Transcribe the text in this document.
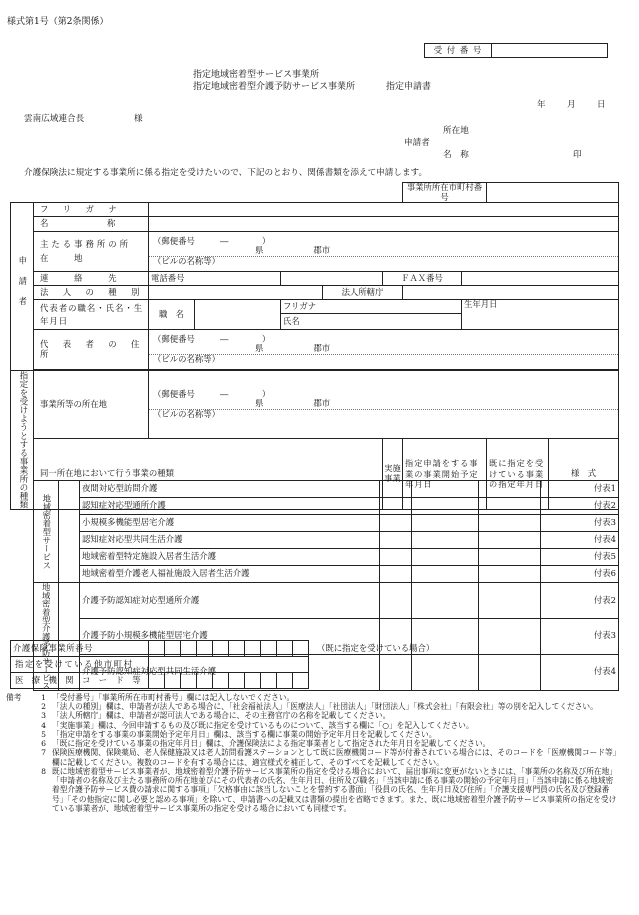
様式第1号（第2条関係）
受 付 番 号	
指定地域密着型サービス事業所
指定地域密着型介護予防サービス事業所	指定申請書
年 月 日
雲南広域連合長	様
所在地
申請者
名　称	印
介護保険法に規定する事業所に係る指定を受けたいので、下記のとおり、関係書類を添えて申請します。
							事業所所在市町村番号			
申請者	フ　リ　ガ　ナ									
	名　　　　　　　称									
	主たる事務所の所　　在　　地	（郵便番号　　　―　　　　）
県 郡市
（ビルの名称等）								

	連　　絡　　先	電話番号				ＦＡＸ番号				
	法　人　の　種　別				法人所轄庁					
	代表者の職名・氏名・生年月日	職　名		フリガナ				生年月日		
				氏名						
	代　表　者　の　住　所	（郵便番号　　　―　　　　）
県 郡市
（ビルの名称等）								

指定を受けようとする事業所の種類	事業所等の所在地	（郵便番号　　　―　　　　）
県 郡市
（ビルの名称等）								

	同一所在地において行う事業の種類					実施事業	指定申請をする事業の事業開始予定年月日		既に指定を受けている事業の指定年月日	様　式
地域密着型サービス		夜間対応型訪問介護				付表1
		認知症対応型通所介護				付表2
		小規模多機能型居宅介護				付表3
		認知症対応型共同生活介護				付表4
		地域密着型特定施設入居者生活介護				付表5
		地域密着型介護老人福祉施設入居者生活介護				付表6
地域密着型介護予防サービス		介護予防認知症対応型通所介護				付表2
		介護予防小規模多機能型居宅介護				付表3
		介護予防認知症対応型共同生活介護				付表4
介護保険事業所番号											（既に指定を受けている場合）
指定を受けている他市町村											
医　療　機　関　コ　ー　ド　等											
備考	1 「受付番号」「事業所所在市町村番号」欄には記入しないでください。
2 「法人の種別」欄は、申請者が法人である場合に、「社会福祉法人」「医療法人」「社団法人」「財団法人」「株式会社」「有限会社」等の別を記入してください。
3 「法人所轄庁」欄は、申請者が認可法人である場合に、その主務官庁の名称を記載してください。
4 「実施事業」欄は、今回申請するもの及び既に指定を受けているものについて、該当する欄に「○」を記入してください。
5 「指定申請をする事業の事業開始予定年月日」欄は、該当する欄に事業の開始予定年月日を記載してください。
6 「既に指定を受けている事業の指定年月日」欄は、介護保険法による指定事業者として指定された年月日を記載してください。
7 保険医療機関、保険薬局、老人保健施設又は老人訪問看護ステーションとして既に医療機関コード等が付番されている場合には、そのコードを「医療機関コード等」欄に記載してください。複数のコードを有する場合には、適宜様式を補正して、そのすべてを記載してください。
8 既に地域密着型サービス事業者が、地域密着型介護予防サービス事業所の指定を受ける場合において、届出事項に変更がないときには、「事業所の名称及び所在地」「申請者の名称及び主たる事務所の所在地並びにその代表者の氏名、生年月日、住所及び職名」「当該申請に係る事業の開始の予定年月日」「当該申請に係る地域密着型介護予防サービス費の請求に関する事項」「欠格事由に該当しないことを誓約する書面」「役員の氏名、生年月日及び住所」「介護支援専門員の氏名及び登録番号」「その他指定に関し必要と認める事項」を除いて、申請書への記載又は書類の提出を省略できます。また、既に地域密着型介護予防サービス事業所の指定を受けている事業者が、地域密着型サービス事業所の指定を受ける場合においても同様です。
